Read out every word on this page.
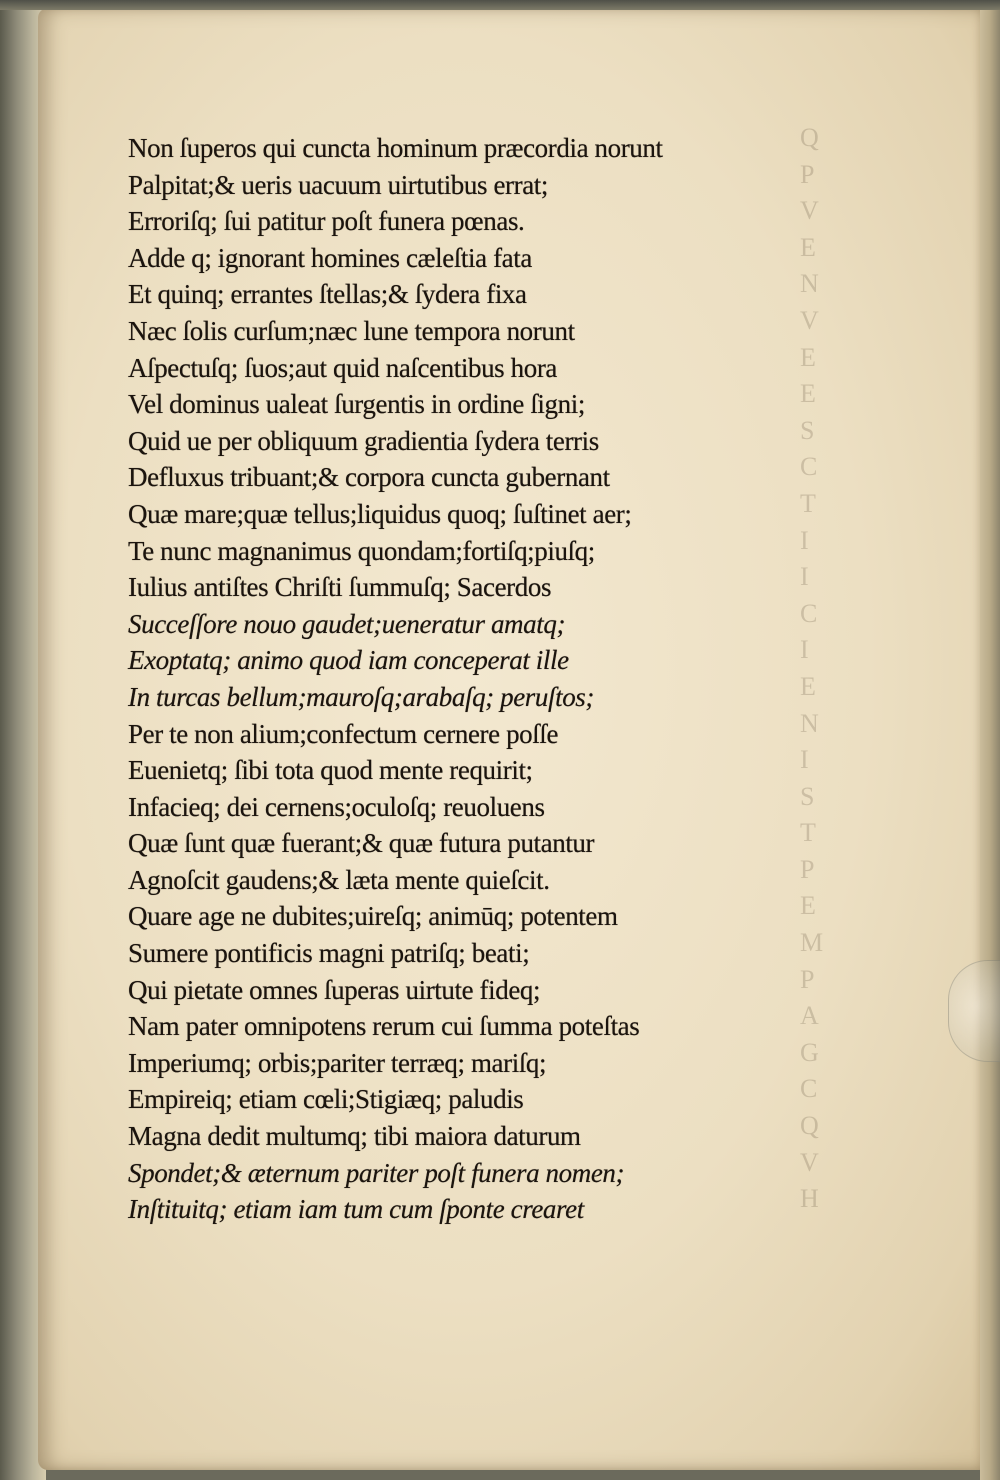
Q
P
V
E
N
V
E
E
S
C
T
I
I
C
I
E
N
I
S
T
P
E
M
P
A
G
C
Q
V
H
Non ſuperos qui cuncta hominum præcordia norunt
Palpitat;& ueris uacuum uirtutibus errat;
Erroriſq; ſui patitur poſt funera pœnas.
Adde q; ignorant homines cæleſtia fata
Et quinq; errantes ſtellas;& ſydera fixa
Næc ſolis curſum;næc lune tempora norunt
Aſpectuſq; ſuos;aut quid naſcentibus hora
Vel dominus ualeat ſurgentis in ordine ſigni;
Quid ue per obliquum gradientia ſydera terris
Defluxus tribuant;& corpora cuncta gubernant
Quæ mare;quæ tellus;liquidus quoq; ſuſtinet aer;
Te nunc magnanimus quondam;fortiſq;piuſq;
Iulius antiſtes Chriſti ſummuſq; Sacerdos
Succeſſore nouo gaudet;ueneratur amatq;
Exoptatq; animo quod iam conceperat ille
In turcas bellum;mauroſq;arabaſq; peruſtos;
Per te non alium;confectum cernere poſſe
Euenietq; ſibi tota quod mente requirit;
Infacieq; dei cernens;oculoſq; reuoluens
Quæ ſunt quæ fuerant;& quæ futura putantur
Agnoſcit gaudens;& læta mente quieſcit.
Quare age ne dubites;uireſq; animūq; potentem
Sumere pontificis magni patriſq; beati;
Qui pietate omnes ſuperas uirtute fideq;
Nam pater omnipotens rerum cui ſumma poteſtas
Imperiumq; orbis;pariter terræq; mariſq;
Empireiq; etiam cœli;Stigiæq; paludis
Magna dedit multumq; tibi maiora daturum
Spondet;& æternum pariter poſt funera nomen;
Inſtituitq; etiam iam tum cum ſponte crearet
